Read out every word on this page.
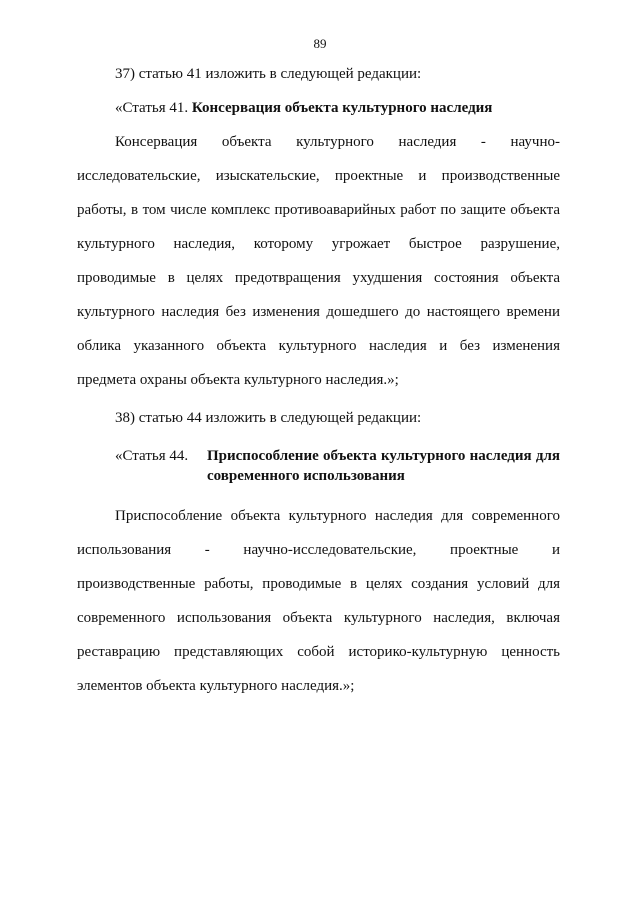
89
37) статью 41 изложить в следующей редакции:
«Статья 41. Консервация объекта культурного наследия
Консервация объекта культурного наследия - научно-
исследовательские, изыскательские, проектные и производственные
работы, в том числе комплекс противоаварийных работ по защите объекта
культурного наследия, которому угрожает быстрое разрушение,
проводимые в целях предотвращения ухудшения состояния объекта
культурного наследия без изменения дошедшего до настоящего времени
облика указанного объекта культурного наследия и без изменения
предмета охраны объекта культурного наследия.»;
38) статью 44 изложить в следующей редакции:
«Статья 44. Приспособление объекта культурного наследия для
современного использования
Приспособление объекта культурного наследия для современного
использования - научно-исследовательские, проектные и
производственные работы, проводимые в целях создания условий для
современного использования объекта культурного наследия, включая
реставрацию представляющих собой историко-культурную ценность
элементов объекта культурного наследия.»;
